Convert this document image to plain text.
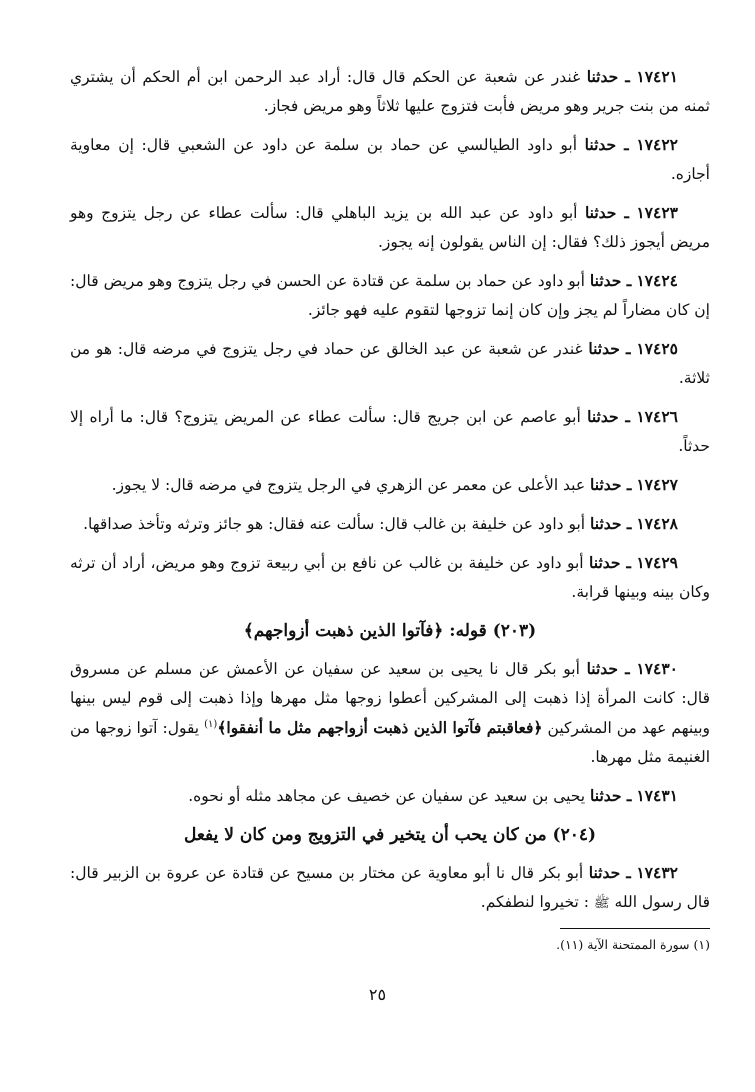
١٧٤٢١ ـ حدثنا غندر عن شعبة عن الحكم قال قال: أراد عبد الرحمن ابن أم الحكم أن يشتري ثمنه من بنت جرير وهو مريض فأبت فتزوج عليها ثلاثاً وهو مريض فجاز.

١٧٤٢٢ ـ حدثنا أبو داود الطيالسي عن حماد بن سلمة عن داود عن الشعبي قال: إن معاوية أجازه.

١٧٤٢٣ ـ حدثنا أبو داود عن عبد الله بن يزيد الباهلي قال: سألت عطاء عن رجل يتزوج وهو مريض أيجوز ذلك؟ فقال: إن الناس يقولون إنه يجوز.

١٧٤٢٤ ـ حدثنا أبو داود عن حماد بن سلمة عن قتادة عن الحسن في رجل يتزوج وهو مريض قال: إن كان مضاراً لم يجز وإن كان إنما تزوجها لتقوم عليه فهو جائز.

١٧٤٢٥ ـ حدثنا غندر عن شعبة عن عبد الخالق عن حماد في رجل يتزوج في مرضه قال: هو من ثلاثة.

١٧٤٢٦ ـ حدثنا أبو عاصم عن ابن جريج قال: سألت عطاء عن المريض يتزوج؟ قال: ما أراه إلا حدثاً.

١٧٤٢٧ ـ حدثنا عبد الأعلى عن معمر عن الزهري في الرجل يتزوج في مرضه قال: لا يجوز.

١٧٤٢٨ ـ حدثنا أبو داود عن خليفة بن غالب قال: سألت عنه فقال: هو جائز وترثه وتأخذ صداقها.

١٧٤٢٩ ـ حدثنا أبو داود عن خليفة بن غالب عن نافع بن أبي ربيعة تزوج وهو مريض، أراد أن ترثه وكان بينه وبينها قرابة.

(٢٠٣) قوله: ﴿فآتوا الذين ذهبت أزواجهم﴾

١٧٤٣٠ ـ حدثنا أبو بكر قال نا يحيى بن سعيد عن سفيان عن الأعمش عن مسلم عن مسروق قال: كانت المرأة إذا ذهبت إلى المشركين أعطوا زوجها مثل مهرها وإذا ذهبت إلى قوم ليس بينها وبينهم عهد من المشركين ﴿فعاقبتم فآتوا الذين ذهبت أزواجهم مثل ما أنفقوا﴾$^{(١)}$ يقول: آتوا زوجها من الغنيمة مثل مهرها.

١٧٤٣١ ـ حدثنا يحيى بن سعيد عن سفيان عن خصيف عن مجاهد مثله أو نحوه.

(٢٠٤) من كان يحب أن يتخير في التزويج ومن كان لا يفعل

١٧٤٣٢ ـ حدثنا أبو بكر قال نا أبو معاوية عن مختار بن مسيح عن قتادة عن عروة بن الزبير قال: قال رسول الله ﷺ : تخيروا لنطفكم.

(١) سورة الممتحنة الآية (١١).
٢٥
